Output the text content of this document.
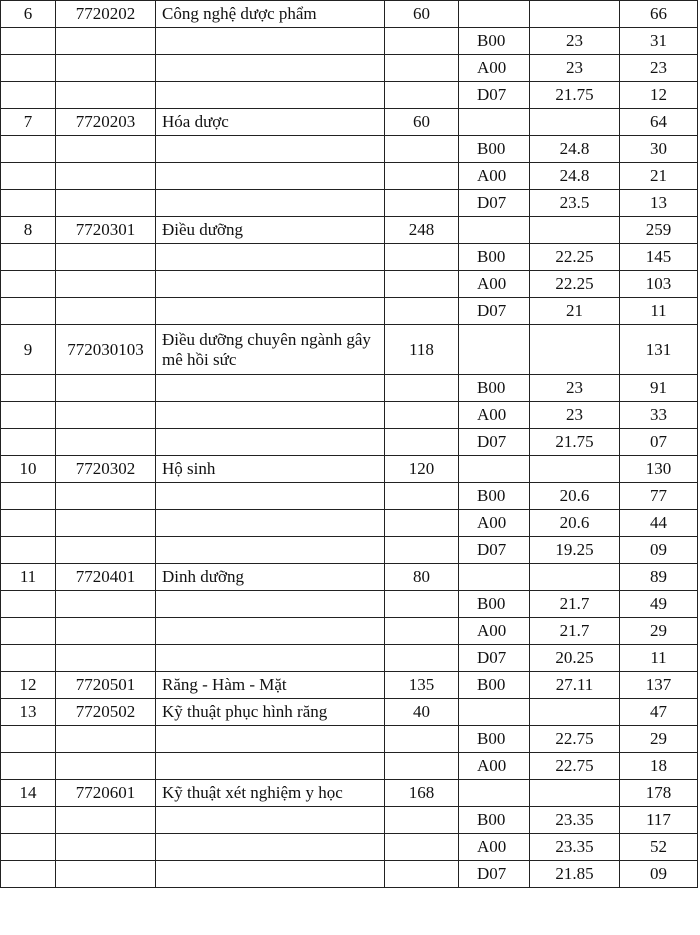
6	7720202	Công nghệ dược phẩm	60			66
				B00	23	31
				A00	23	23
				D07	21.75	12
7	7720203	Hóa dược	60			64
				B00	24.8	30
				A00	24.8	21
				D07	23.5	13
8	7720301	Điều dưỡng	248			259
				B00	22.25	145
				A00	22.25	103
				D07	21	11
9	772030103	Điều dưỡng chuyên ngành gây mê hồi sức	118			131
				B00	23	91
				A00	23	33
				D07	21.75	07
10	7720302	Hộ sinh	120			130
				B00	20.6	77
				A00	20.6	44
				D07	19.25	09
11	7720401	Dinh dưỡng	80			89
				B00	21.7	49
				A00	21.7	29
				D07	20.25	11
12	7720501	Răng - Hàm - Mặt	135	B00	27.11	137
13	7720502	Kỹ thuật phục hình răng	40			47
				B00	22.75	29
				A00	22.75	18
14	7720601	Kỹ thuật xét nghiệm y học	168			178
				B00	23.35	117
				A00	23.35	52
				D07	21.85	09
